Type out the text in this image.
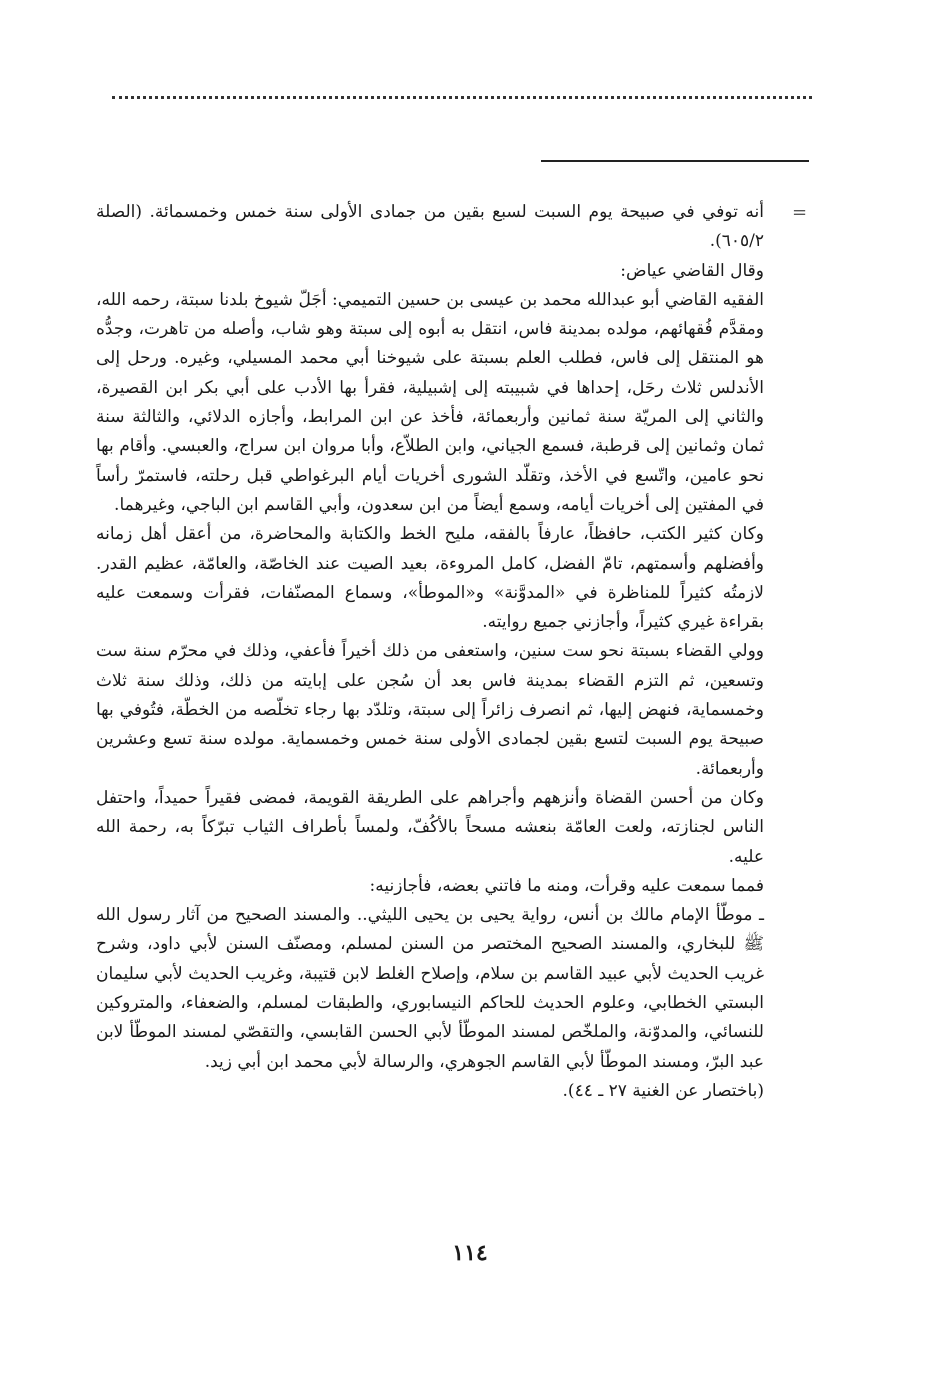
=

أنه توفي في صبيحة يوم السبت لسبع بقين من جمادى الأولى سنة خمس وخمسمائة. (الصلة ٦٠٥/٢).

وقال القاضي عياض:

الفقيه القاضي أبو عبدالله محمد بن عيسى بن حسين التميمي: أجَلّ شيوخ بلدنا سبتة، رحمه الله، ومقدَّم فُقهائهم، مولده بمدينة فاس، انتقل به أبوه إلى سبتة وهو شاب، وأصله من تاهرت، وجدُّه هو المنتقل إلى فاس، فطلب العلم بسبتة على شيوخنا أبي محمد المسيلي، وغيره. ورحل إلى الأندلس ثلاث رحَل، إحداها في شبيبته إلى إشبيلية، فقرأ بها الأدب على أبي بكر ابن القصيرة، والثاني إلى المريّة سنة ثمانين وأربعمائة، فأخذ عن ابن المرابط، وأجازه الدلائي، والثالثة سنة ثمان وثمانين إلى قرطبة، فسمع الجياني، وابن الطلاّع، وأبا مروان ابن سراج، والعبسي. وأقام بها نحو عامين، واتّسع في الأخذ، وتقلّد الشورى أخريات أيام البرغواطي قبل رحلته، فاستمرّ رأساً في المفتين إلى أخريات أيامه، وسمع أيضاً من ابن سعدون، وأبي القاسم ابن الباجي، وغيرهما.

وكان كثير الكتب، حافظاً، عارفاً بالفقه، مليح الخط والكتابة والمحاضرة، من أعقل أهل زمانه وأفضلهم وأسمتهم، تامّ الفضل، كامل المروءة، بعيد الصيت عند الخاصّة، والعامّة، عظيم القدر. لازمتُه كثيراً للمناظرة في «المدوَّنة» و«الموطأ»، وسماع المصنّفات، فقرأت وسمعت عليه بقراءة غيري كثيراً، وأجازني جميع روايته.

وولي القضاء بسبتة نحو ست سنين، واستعفى من ذلك أخيراً فأعفي، وذلك في محرّم سنة ست وتسعين، ثم التزم القضاء بمدينة فاس بعد أن سُجن على إبايته من ذلك، وذلك سنة ثلاث وخمسماية، فنهض إليها، ثم انصرف زائراً إلى سبتة، وتلدّد بها رجاء تخلّصه من الخطّة، فتُوفي بها صبيحة يوم السبت لتسع بقين لجمادى الأولى سنة خمس وخمسماية. مولده سنة تسع وعشرين وأربعمائة.

وكان من أحسن القضاة وأنزههم وأجراهم على الطريقة القويمة، فمضى فقيراً حميداً، واحتفل الناس لجنازته، ولعت العامّة بنعشه مسحاً بالأكُفّ، ولمساً بأطراف الثياب تبرّكاً به، رحمة الله عليه.

فمما سمعت عليه وقرأت، ومنه ما فاتني بعضه، فأجازنيه:

ـ موطّأ الإمام مالك بن أنس، رواية يحيى بن يحيى الليثي.. والمسند الصحيح من آثار رسول الله ﷺ للبخاري، والمسند الصحيح المختصر من السنن لمسلم، ومصنّف السنن لأبي داود، وشرح غريب الحديث لأبي عبيد القاسم بن سلام، وإصلاح الغلط لابن قتيبة، وغريب الحديث لأبي سليمان البستي الخطابي، وعلوم الحديث للحاكم النيسابوري، والطبقات لمسلم، والضعفاء، والمتروكين للنسائي، والمدوّنة، والملخّص لمسند الموطّأ لأبي الحسن القابسي، والتقصّي لمسند الموطّأ لابن عبد البرّ، ومسند الموطّأ لأبي القاسم الجوهري، والرسالة لأبي محمد ابن أبي زيد.

(باختصار عن الغنية ٢٧ ـ ٤٤).

١١٤
